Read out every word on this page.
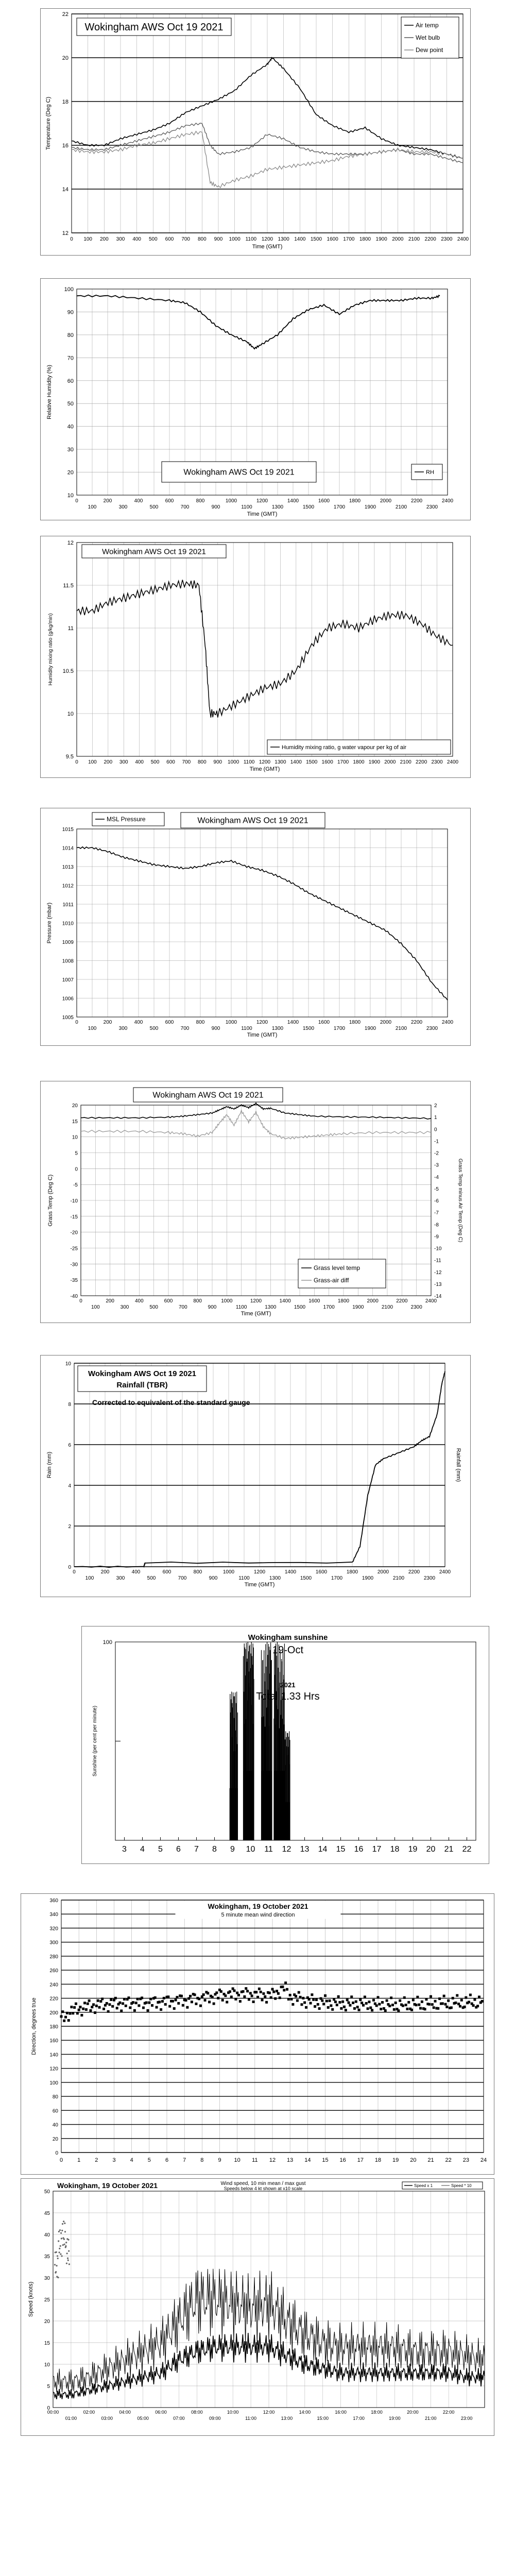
12
14
16
18
20
22
0 100 200 300 400 500 600 700 800 900 1000 1100 1200 1300 1400 1500 1600 1700 1800 1900 2000 2100 2200 2300 2400
Time (GMT)
Temperature (Deg C)
Wokingham AWS Oct 19 2021	Air temp
Wet bulb
Dew point
10
20
30
40
50
60
70
80
90
100
0	200	400	600	800	1000	1200	1400	1600	1800	2000	2200	2400
100	300	500	700	900	1100	1300	1500	1700	1900	2100	2300
Time (GMT)
Relative Humidity (%)
Wokingham AWS Oct 19 2021	RH
9.5
10
10.5
11
11.5
12
0 100 200 300 400 500 600 700 800 900 1000 1100 1200 1300 1400 1500 1600 1700 1800 1900 2000 2100 2200 2300 2400
Time (GMT)
Humidity mixing ratio (g/kg/min)
Wokingham AWS Oct 19 2021
Humidity mixing ratio, g water vapour per kg of air
1005
1006
1007
1008
1009
1010
1011
1012
1013
1014
1015
0	200	400	600	800	1000	1200	1400	1600	1800	2000	2200	2400
100	300	500	700	900	1100	1300	1500	1700	1900	2100	2300
Time (GMT)
Pressure (mbar)
MSL Pressure	Wokingham AWS Oct 19 2021
-40
-35
-30
-25
-20
-15
-10
-5
0
5
10
15
20
-14
-13
-12
-11
-10
-9
-8
-7
-6
-5
-4
-3
-2
-1
0
1
2
0	200	400	600	800	1000	1200	1400	1600	1800	2000	2200	2400
100	300	500	700	900	1100	1300	1500	1700	1900	2100	2300
Time (GMT)
Grass Temp (Deg C)	Grass Temp minus Air Temp (Deg C)
Wokingham AWS Oct 19 2021
Grass level temp
Grass-air diff
0
2
4
6
8
10
0	200	400	600	800	1000	1200	1400	1600	1800	2000	2200	2400
100	300	500	700	900	1100	1300	1500	1700	1900	2100	2300
Time (GMT)
Rain (mm)	Rainfall (mm)
Wokingham AWS Oct 19 2021
Rainfall (TBR)
Corrected to equivalent of the standard gauge
100
3 4 5 6 7 8 9 10 11 12 13 14 15 16 17 18 19 20 21 22
Sunshine (per cent per minute)
Wokingham sunshine
19-Oct
2021
Total 1.33 Hrs
0
20
40
60
80
100
120
140
160
180
200
220
240
260
280
300
320
340
360
0	1	2	3	4	5	6	7	8	9 10 11 12 13 14 15 16 17 18 19 20 21 22 23 24
Direction, degrees true
Wokingham, 19 October 2021
5 minute mean wind direction
0
5
10
15
20
25
30
35
40
45
50
00:00	02:00	04:00	06:00	08:00	10:00	12:00	14:00	16:00	18:00	20:00	22:00
01:00	03:00	05:00	07:00	09:00	11:00	13:00	15:00	17:00	19:00	21:00	23:00
Speed (knots)
Wokingham, 19 October 2021	Wind speed, 10 min mean / max gust
Speeds below 4 kt shown at x10 scale
Speed x 1	Speed * 10
